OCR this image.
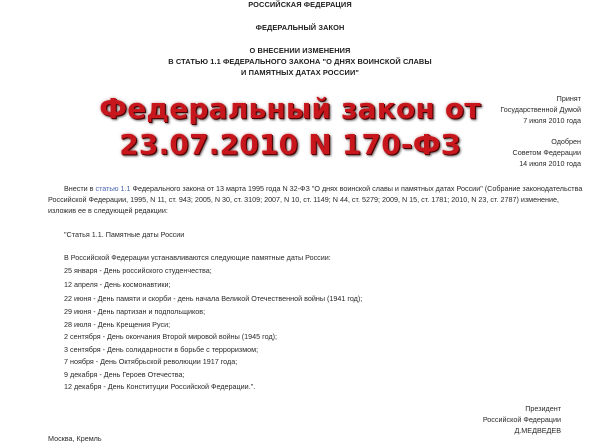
РОССИЙСКАЯ ФЕДЕРАЦИЯ
ФЕДЕРАЛЬНЫЙ ЗАКОН
О ВНЕСЕНИИ ИЗМЕНЕНИЯ
В СТАТЬЮ 1.1 ФЕДЕРАЛЬНОГО ЗАКОНА "О ДНЯХ ВОИНСКОЙ СЛАВЫ
И ПАМЯТНЫХ ДАТАХ РОССИИ"
Федеральный закон от
23.07.2010 N 170-ФЗ
Принят
Государственной Думой
7 июля 2010 года
Одобрен
Советом Федерации
14 июля 2010 года
Внести в статью 1.1 Федерального закона от 13 марта 1995 года N 32-ФЗ "О днях воинской славы и памятных датах России" (Собрание законодательства Российской Федерации, 1995, N 11, ст. 943; 2005, N 30, ст. 3109; 2007, N 10, ст. 1149; N 44, ст. 5279; 2009, N 15, ст. 1781; 2010, N 23, ст. 2787) изменение, изложив ее в следующей редакции:
"Статья 1.1. Памятные даты России
В Российской Федерации устанавливаются следующие памятные даты России:
25 января - День российского студенчества;
12 апреля - День космонавтики;
22 июня - День памяти и скорби - день начала Великой Отечественной войны (1941 год);
29 июня - День партизан и подпольщиков;
28 июля - День Крещения Руси;
2 сентября - День окончания Второй мировой войны (1945 год);
3 сентября - День солидарности в борьбе с терроризмом;
7 ноября - День Октябрьской революции 1917 года;
9 декабря - День Героев Отечества;
12 декабря - День Конституции Российской Федерации.".
Президент
Российской Федерации
Д.МЕДВЕДЕВ
Москва, Кремль
